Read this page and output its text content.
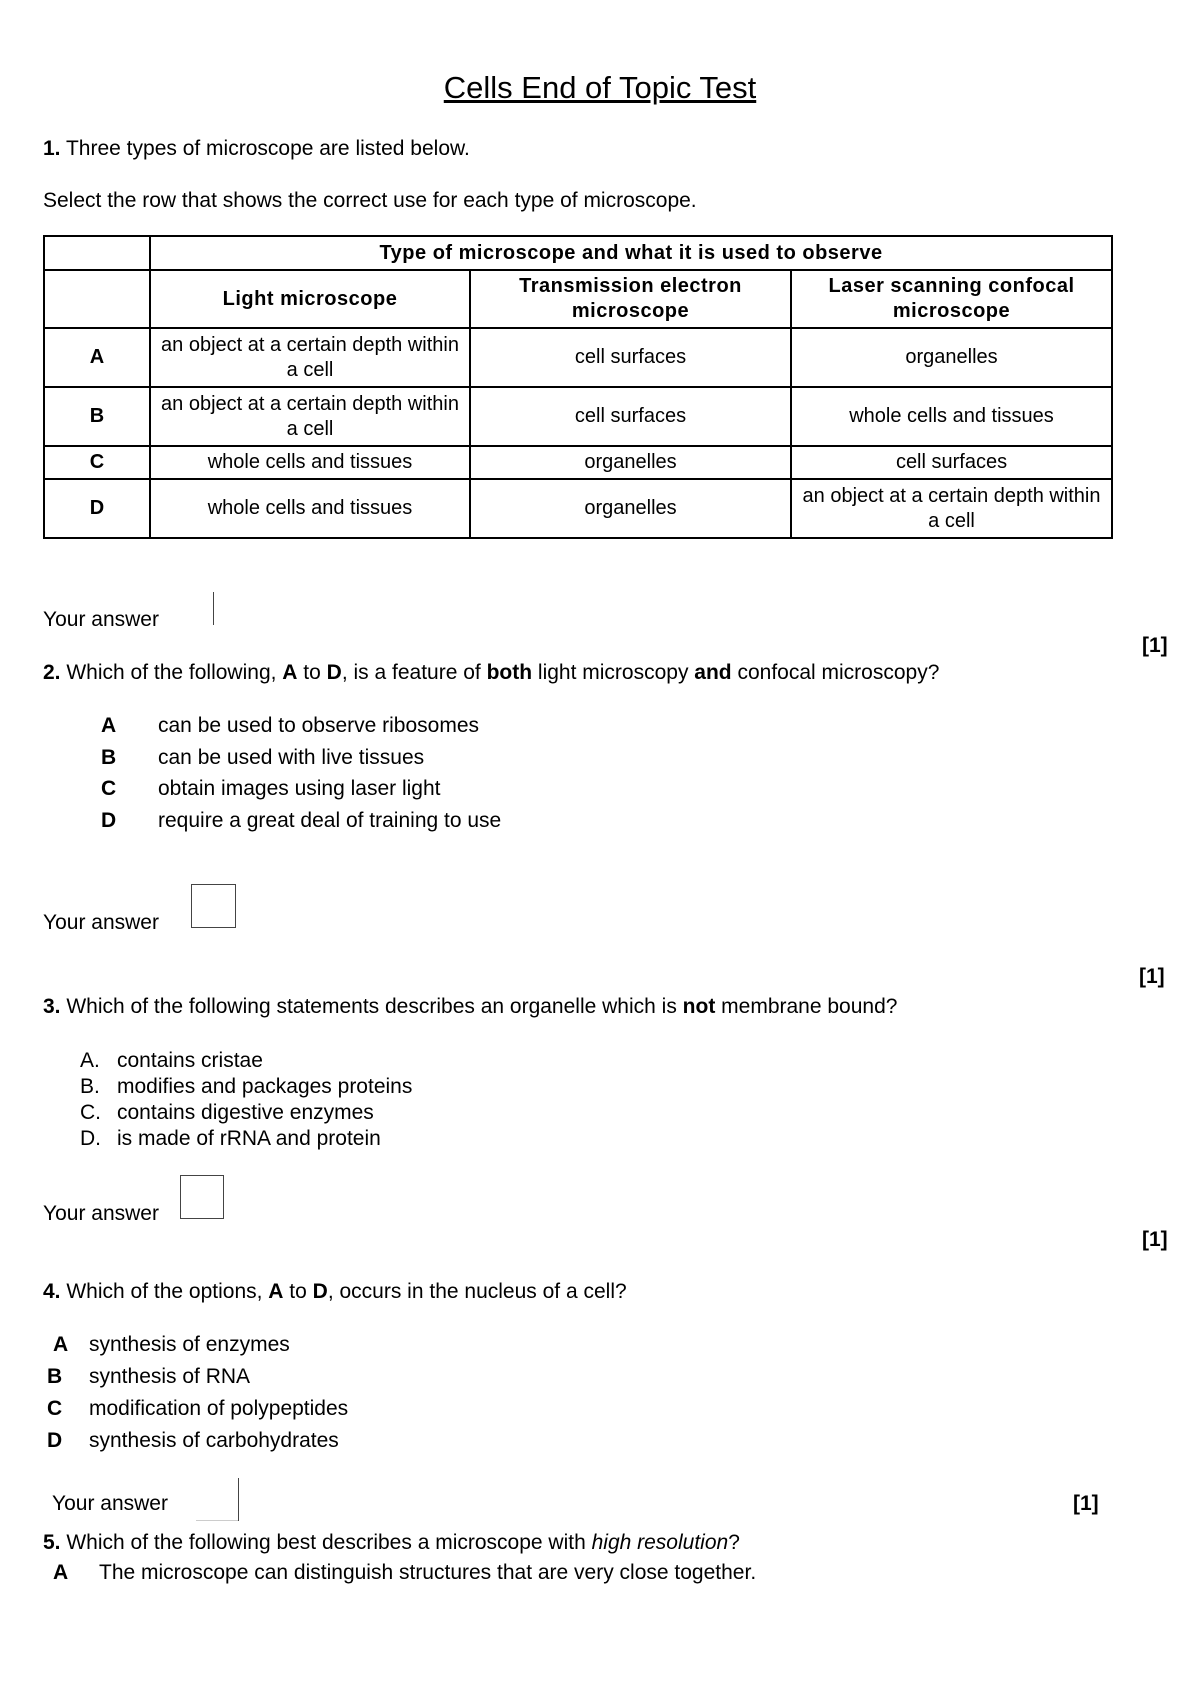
Cells End of Topic Test
1. Three types of microscope are listed below.
Select the row that shows the correct use for each type of microscope.
	Type of microscope and what it is used to observe		
	Light microscope	Transmission electron microscope	Laser scanning confocal microscope
A	an object at a certain depth within a cell	cell surfaces	organelles
B	an object at a certain depth within a cell	cell surfaces	whole cells and tissues
C	whole cells and tissues	organelles	cell surfaces
D	whole cells and tissues	organelles	an object at a certain depth within a cell
Your answer
[1]
2. Which of the following, A to D, is a feature of both light microscopy and confocal microscopy?
A can be used to observe ribosomes
B can be used with live tissues
C obtain images using laser light
D require a great deal of training to use
Your answer
[1]
3. Which of the following statements describes an organelle which is not membrane bound?
A. contains cristae
B. modifies and packages proteins
C. contains digestive enzymes
D. is made of rRNA and protein
Your answer
[1]
4. Which of the options, A to D, occurs in the nucleus of a cell?
A synthesis of enzymes
B synthesis of RNA
C modification of polypeptides
D synthesis of carbohydrates
Your answer	[1]
5. Which of the following best describes a microscope with high resolution?
A The microscope can distinguish structures that are very close together.
